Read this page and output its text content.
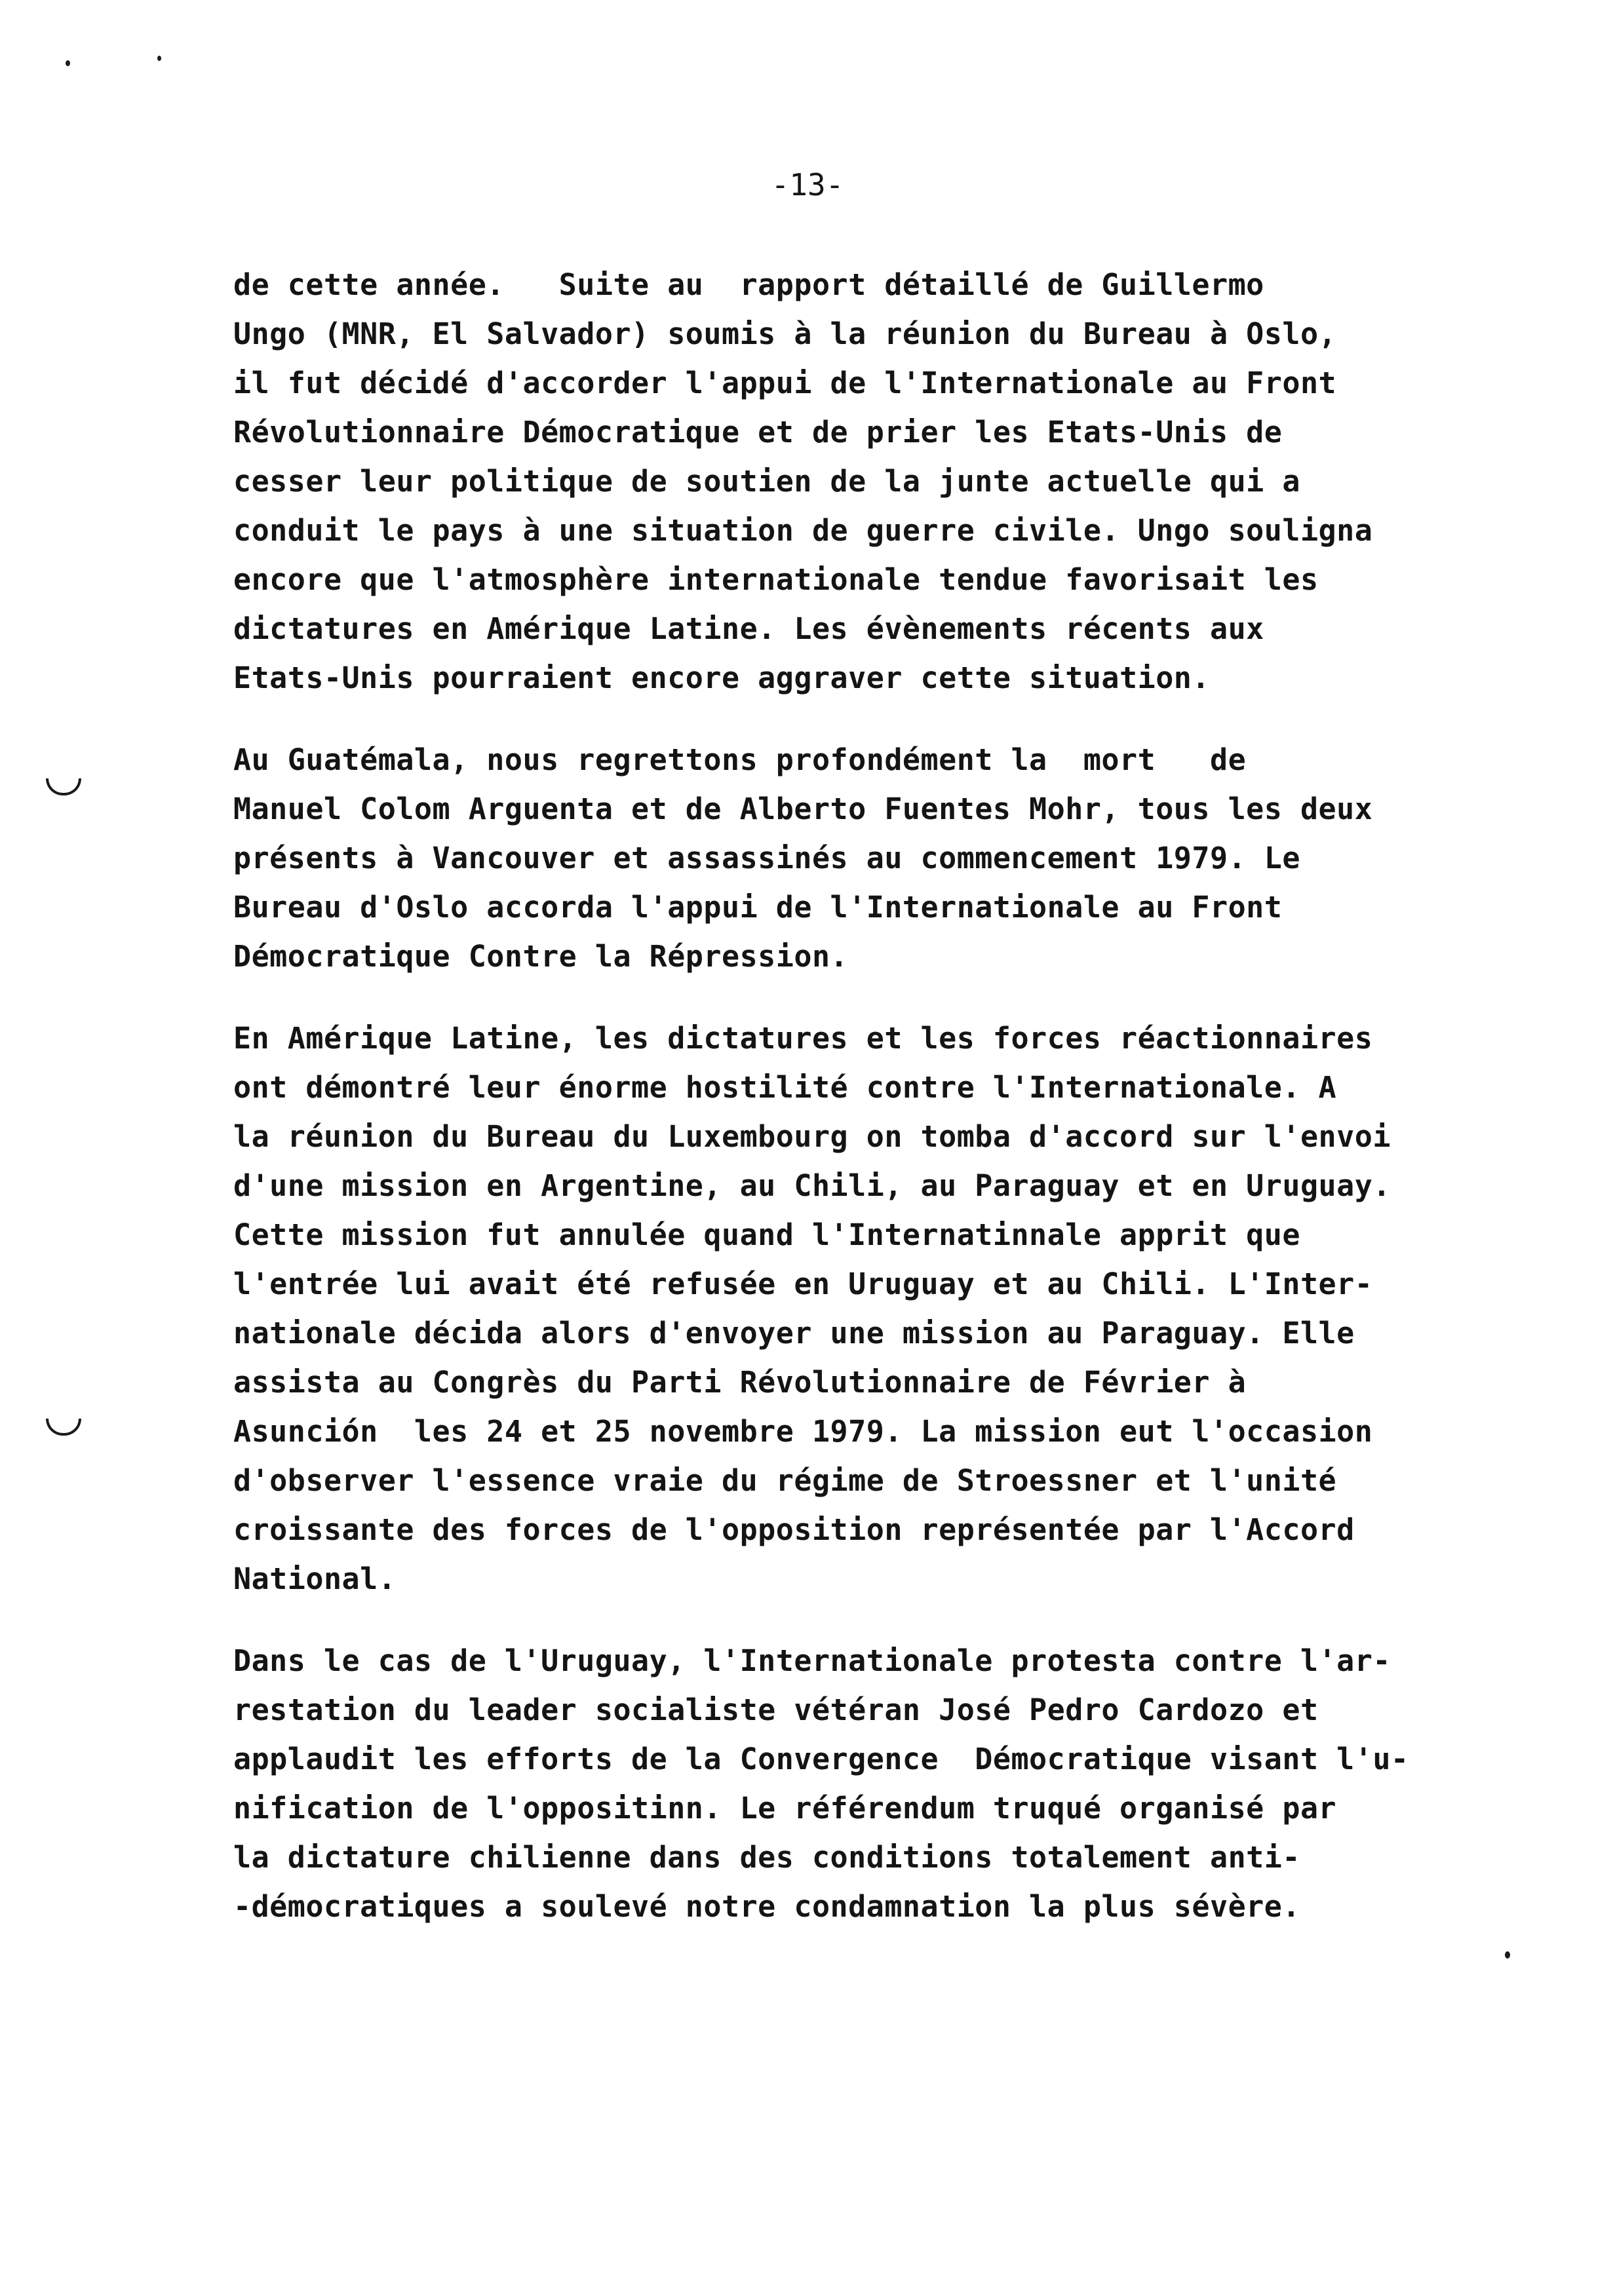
-13-
de cette année.   Suite au  rapport détaillé de Guillermo
Ungo (MNR, El Salvador) soumis à la réunion du Bureau à Oslo,
il fut décidé d'accorder l'appui de l'Internationale au Front
Révolutionnaire Démocratique et de prier les Etats-Unis de
cesser leur politique de soutien de la junte actuelle qui a
conduit le pays à une situation de guerre civile. Ungo souligna
encore que l'atmosphère internationale tendue favorisait les
dictatures en Amérique Latine. Les évènements récents aux
Etats-Unis pourraient encore aggraver cette situation.
Au Guatémala, nous regrettons profondément la  mort   de
Manuel Colom Arguenta et de Alberto Fuentes Mohr, tous les deux
présents à Vancouver et assassinés au commencement 1979. Le
Bureau d'Oslo accorda l'appui de l'Internationale au Front
Démocratique Contre la Répression.
En Amérique Latine, les dictatures et les forces réactionnaires
ont démontré leur énorme hostilité contre l'Internationale. A
la réunion du Bureau du Luxembourg on tomba d'accord sur l'envoi
d'une mission en Argentine, au Chili, au Paraguay et en Uruguay.
Cette mission fut annulée quand l'Internatinnale apprit que
l'entrée lui avait été refusée en Uruguay et au Chili. L'Inter-
nationale décida alors d'envoyer une mission au Paraguay. Elle
assista au Congrès du Parti Révolutionnaire de Février à
Asunción  les 24 et 25 novembre 1979. La mission eut l'occasion
d'observer l'essence vraie du régime de Stroessner et l'unité
croissante des forces de l'opposition représentée par l'Accord
National.
Dans le cas de l'Uruguay, l'Internationale protesta contre l'ar-
restation du leader socialiste vétéran José Pedro Cardozo et
applaudit les efforts de la Convergence  Démocratique visant l'u-
nification de l'oppositinn. Le référendum truqué organisé par
la dictature chilienne dans des conditions totalement anti-
-démocratiques a soulevé notre condamnation la plus sévère.
